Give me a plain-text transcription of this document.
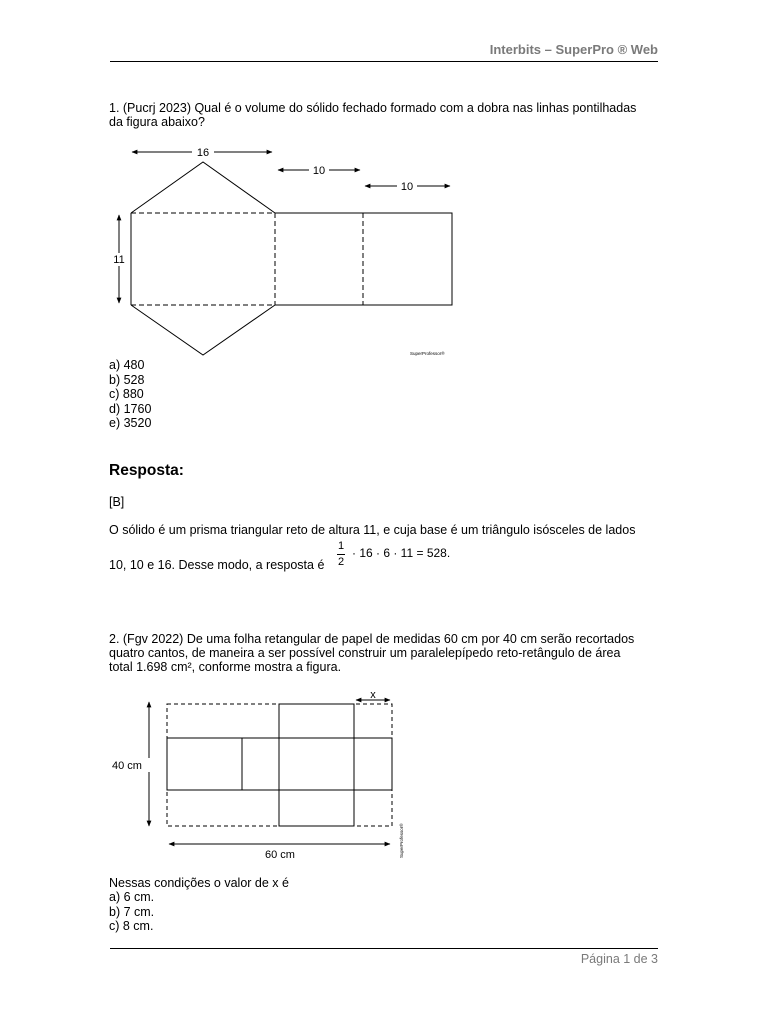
Interbits – SuperPro ® Web
1. (Pucrj 2023) Qual é o volume do sólido fechado formado com a dobra nas linhas pontilhadas
da figura abaixo?
16
10
10
11
SuperProfessor®
a) 480
b) 528
c) 880
d) 1760
e) 3520
Resposta:
[B]
O sólido é um prisma triangular reto de altura 11, e cuja base é um triângulo isósceles de lados
10, 10 e 16. Desse modo, a resposta é
1
2
· 16 · 6 · 11 = 528.
2. (Fgv 2022) De uma folha retangular de papel de medidas 60 cm por 40 cm serão recortados
quatro cantos, de maneira a ser possível construir um paralelepípedo reto-retângulo de área
total 1.698 cm², conforme mostra a figura.
x
40 cm
60 cm	SuperProfessor®
Nessas condições o valor de x é
a) 6 cm.
b) 7 cm.
c) 8 cm.
Página 1 de 3
